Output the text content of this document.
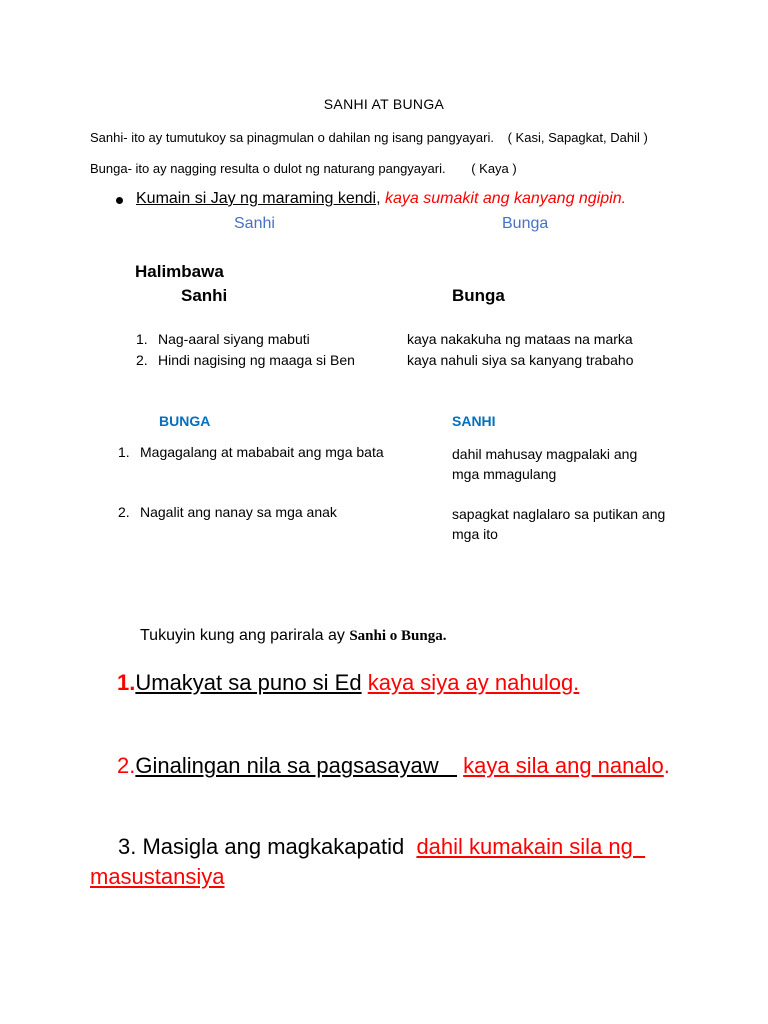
SANHI AT BUNGA
Sanhi- ito ay tumutukoy sa pinagmulan o dahilan ng isang pangyayari. ( Kasi, Sapagkat, Dahil )
Bunga- ito ay nagging resulta o dulot ng naturang pangyayari. ( Kaya )
Kumain si Jay ng maraming kendi, kaya sumakit ang kanyang ngipin.
Sanhi	Bunga
Halimbawa
Sanhi	Bunga
1. Nag-aaral siyang mabuti	kaya nakakuha ng mataas na marka
2. Hindi nagising ng maaga si Ben	kaya nahuli siya sa kanyang trabaho
BUNGA	SANHI
1. Magagalang at mababait ang mga bata	dahil mahusay magpalaki ang mga mmagulang
2. Nagalit ang nanay sa mga anak	sapagkat naglalaro sa putikan ang mga ito
Tukuyin kung ang parirala ay Sanhi o Bunga.
1.Umakyat sa puno si Ed kaya siya ay nahulog.
2.Ginalingan nila sa pagsasayaw    kaya sila ang nanalo.
3. Masigla ang magkakapatid dahil kumakain sila ng
masustansiya
